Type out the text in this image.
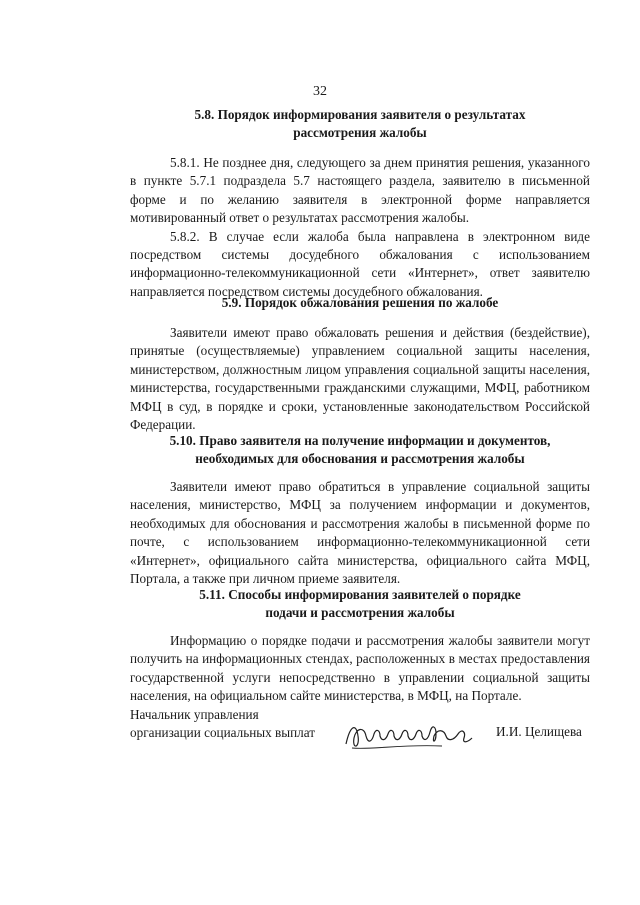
32
5.8. Порядок информирования заявителя о результатах
рассмотрения жалобы

5.8.1. Не позднее дня, следующего за днем принятия решения, указанного в пункте 5.7.1 подраздела 5.7 настоящего раздела, заявителю в письменной форме и по желанию заявителя в электронной форме направляется мотивированный ответ о результатах рассмотрения жалобы.

5.8.2. В случае если жалоба была направлена в электронном виде посредством системы досудебного обжалования с использованием информационно-телекоммуникационной сети «Интернет», ответ заявителю направляется посредством системы досудебного обжалования.

5.9. Порядок обжалования решения по жалобе

Заявители имеют право обжаловать решения и действия (бездействие), принятые (осуществляемые) управлением социальной защиты населения, министерством, должностным лицом управления социальной защиты населения, министерства, государственными гражданскими служащими, МФЦ, работником МФЦ в суд, в порядке и сроки, установленные законодательством Российской Федерации.

5.10. Право заявителя на получение информации и документов,
необходимых для обоснования и рассмотрения жалобы

Заявители имеют право обратиться в управление социальной защиты населения, министерство, МФЦ за получением информации и документов, необходимых для обоснования и рассмотрения жалобы в письменной форме по почте, с использованием информационно-телекоммуникационной сети «Интернет», официального сайта министерства, официального сайта МФЦ, Портала, а также при личном приеме заявителя.

5.11. Способы информирования заявителей о порядке
подачи и рассмотрения жалобы

Информацию о порядке подачи и рассмотрения жалобы заявители могут получить на информационных стендах, расположенных в местах предоставления государственной услуги непосредственно в управлении социальной защиты населения, на официальном сайте министерства, в МФЦ, на Портале.

Начальник управления
организации социальных выплат	И.И. Целищева
